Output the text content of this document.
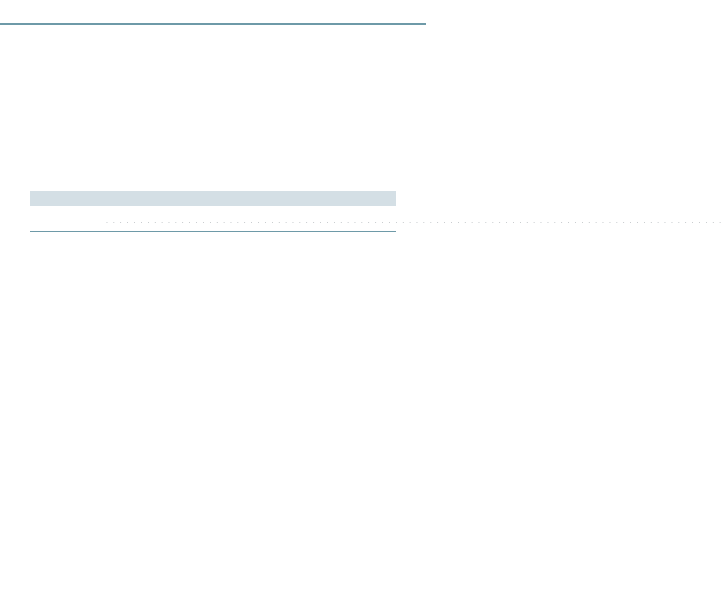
. . . . . . . . . . . . . . . . . . . . . . . . . . . . . . . . . . . . . . . . . . . . . . . . . . . . . . . . . . . . . . . . . . . . . . . . . . . . . . . . . . . . . . . . . .
